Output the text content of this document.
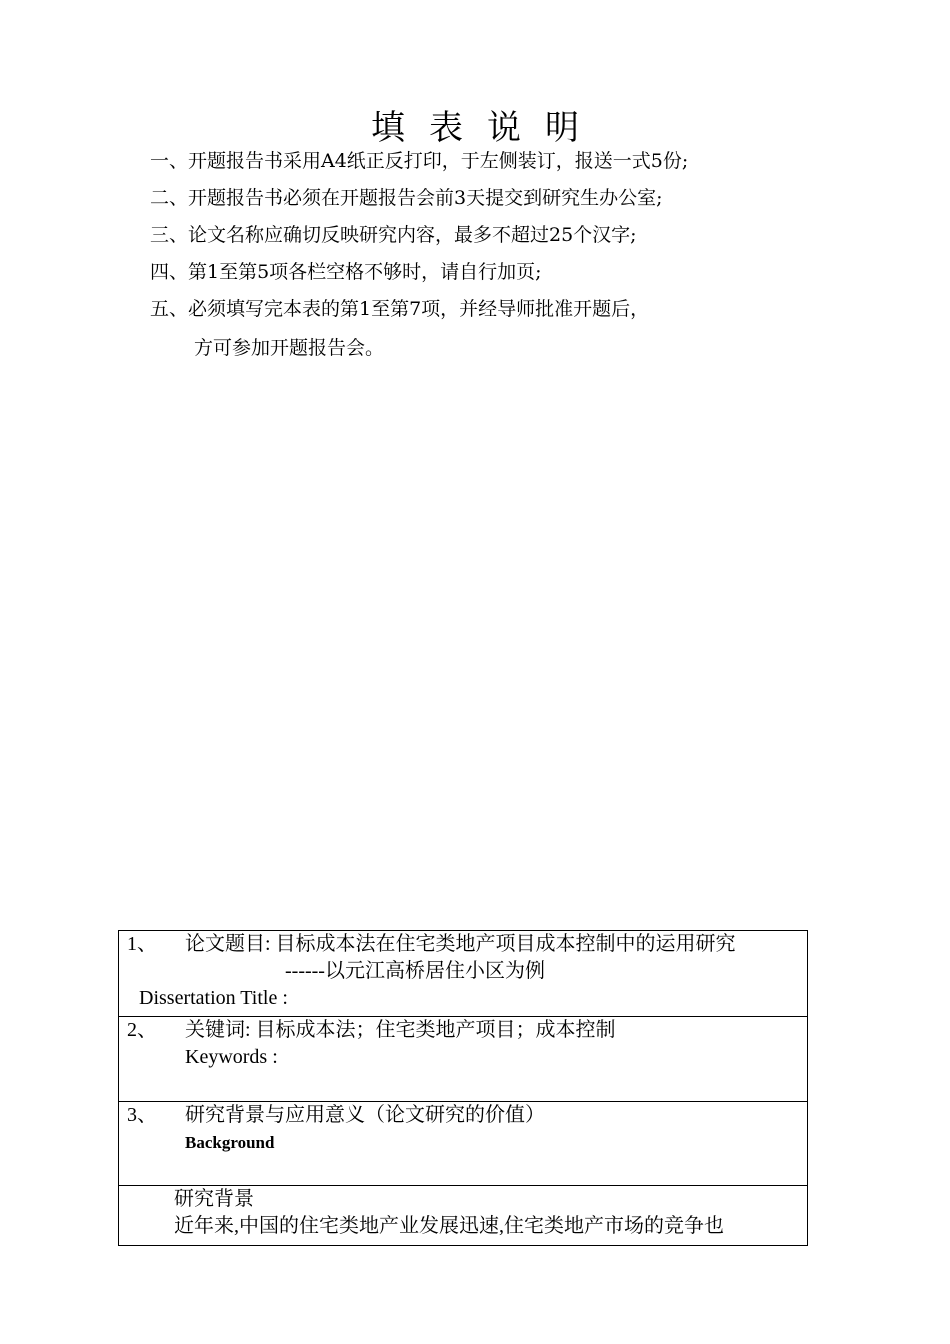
填表说明
一、开题报告书采用A4纸正反打印，于左侧装订，报送一式5份;
二、开题报告书必须在开题报告会前3天提交到研究生办公室;
三、论文名称应确切反映研究内容，最多不超过25个汉字;
四、第1至第5项各栏空格不够时，请自行加页;
五、必须填写完本表的第1至第7项，并经导师批准开题后，
方可参加开题报告会。
1、	论文题目: 目标成本法在住宅类地产项目成本控制中的运用研究
------以元江高桥居住小区为例
Dissertation Title :

2、	关键词: 目标成本法；住宅类地产项目；成本控制
Keywords :

3、	研究背景与应用意义（论文研究的价值）
Background

研究背景
近年来,中国的住宅类地产业发展迅速,住宅类地产市场的竞争也
